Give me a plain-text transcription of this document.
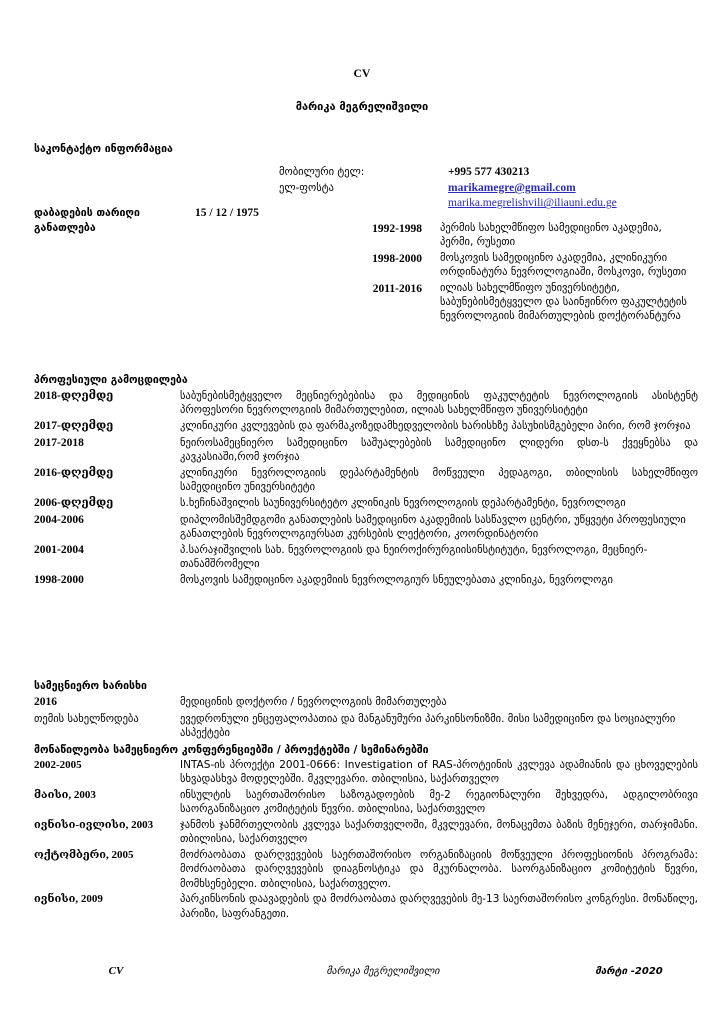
CV
მარიკა მეგრელიშვილი
საკონტაქტო ინფორმაცია
მობილური ტელ:	+995 577 430213
ელ-ფოსტა	marikamegre@gmail.com
marika.megrelishvili@iliauni.edu.ge
დაბადების თარიღი	15 / 12 / 1975
განათლება	1992-1998	პერმის სახელმწიფო სამედიცინო აკადემია, პერმი, რუსეთი
1998-2000	მოსკოვის სამედიცინო აკადემია, კლინიკური ორდინატურა ნევროლოგიაში, მოსკოვი, რუსეთი
2011-2016	ილიას სახელმწიფო უნივერსიტეტი, საბუნებისმეტყველო და საინჟინრო ფაკულტეტის ნევროლოგიის მიმართულების დოქტორანტურა
პროფესიული გამოცდილება
2018-დღემდე	საბუნებისმეტყველო მეცნიერებებისა და მედიცინის ფაკულტეტის ნევროლოგიის ასისტენტ პროფესორი ნევროლოგიის მიმართულებით, ილიას სახელმწიფო უნივერსიტეტი
2017-დღემდე	კლინიკური კვლევების და ფარმაკოზედამხედველობის ხარისხზე პასუხისმგებელი პირი, რომ ჯორჯია
2017-2018	ნეიროსამეცნიერო სამედიცინო საშუალებების სამედიცინო ლიდერი დსთ-ს ქვეყნებსა და კავკასიაში,რომ ჯორჯია
2016-დღემდე	კლინიკური ნევროლოგიის დეპარტამენტის მოწვეული პედაგოგი, თბილისის სახელმწიფო სამედიცინო უნივერსიტეტი
2006-დღემდე	ს.ხეჩინაშვილის საუნივერსიტეტო კლინიკის ნევროლოგიის დეპარტამენტი, ნევროლოგი
2004-2006	დიპლომისშემდგომი განათლების სამედიცინო აკადემიის სასწავლო ცენტრი, უწყვეტი პროფესიული განათლების ნევროლოგიურსათ კურსების ლექტორი, კოორდინატორი
2001-2004	პ.სარაჯიშვილის სახ. ნევროლოგიის და ნეიროქირურგიისინსტიტუტი, ნევროლოგი, მეცნიერ-თანამშრომელი
1998-2000	მოსკოვის სამედიცინო აკადემიის ნევროლოგიურ სნეულებათა კლინიკა, ნევროლოგი
სამეცნიერო ხარისხი
2016	მედიცინის დოქტორი / ნევროლოგიის მიმართულება
თემის სახელწოდება	ევედრონული ენცეფალოპათია და მანგანუმური პარკინსონიზმი. მისი სამედიცინო და სოციალური ასპექტები
მონაწილეობა სამეცნიერო კონფერენციებში / პროექტებში / სემინარებში
2002-2005	INTAS-ის პროექტი 2001-0666: Investigation of RAS-პროტეინის კვლევა ადამიანის და ცხოველების სხვადასხვა მოდელებში. მკვლევარი. თბილისია, საქართველო
მაისი, 2003	ინსულტის საერთაშორისო საზოგადოების მე-2 რეგიონალური შეხვედრა, ადგილობრივი საორგანიზაციო კომიტეტის წევრი. თბილისია, საქართველო
ივნისი-ივლისი, 2003	ჯანმოს ჯანმრთელობის კვლევა საქართველოში, მკვლევარი, მონაცემთა ბაზის მენეჯერი, თარჯიმანი. თბილისია, საქართველო
ოქტომბერი, 2005	მოძრაობათა დარღვევების საერთაშორისო ორგანიზაციის მოწვეული პროფესიონის პროგრამა: მოძრაობათა დარღვევების დიაგნოსტიკა და მკურნალობა. საორგანიზაციო კომიტეტის წევრი, მომხსენებელი. თბილისია, საქართველო.
ივნისი, 2009	პარკინსონის დაავადების და მოძრაობათა დარღვევების მე-13 საერთაშორისო კონგრესი. მონაწილე, პარიზი, საფრანგეთი.
CV	მარიკა მეგრელიშვილი	მარტი -2020
